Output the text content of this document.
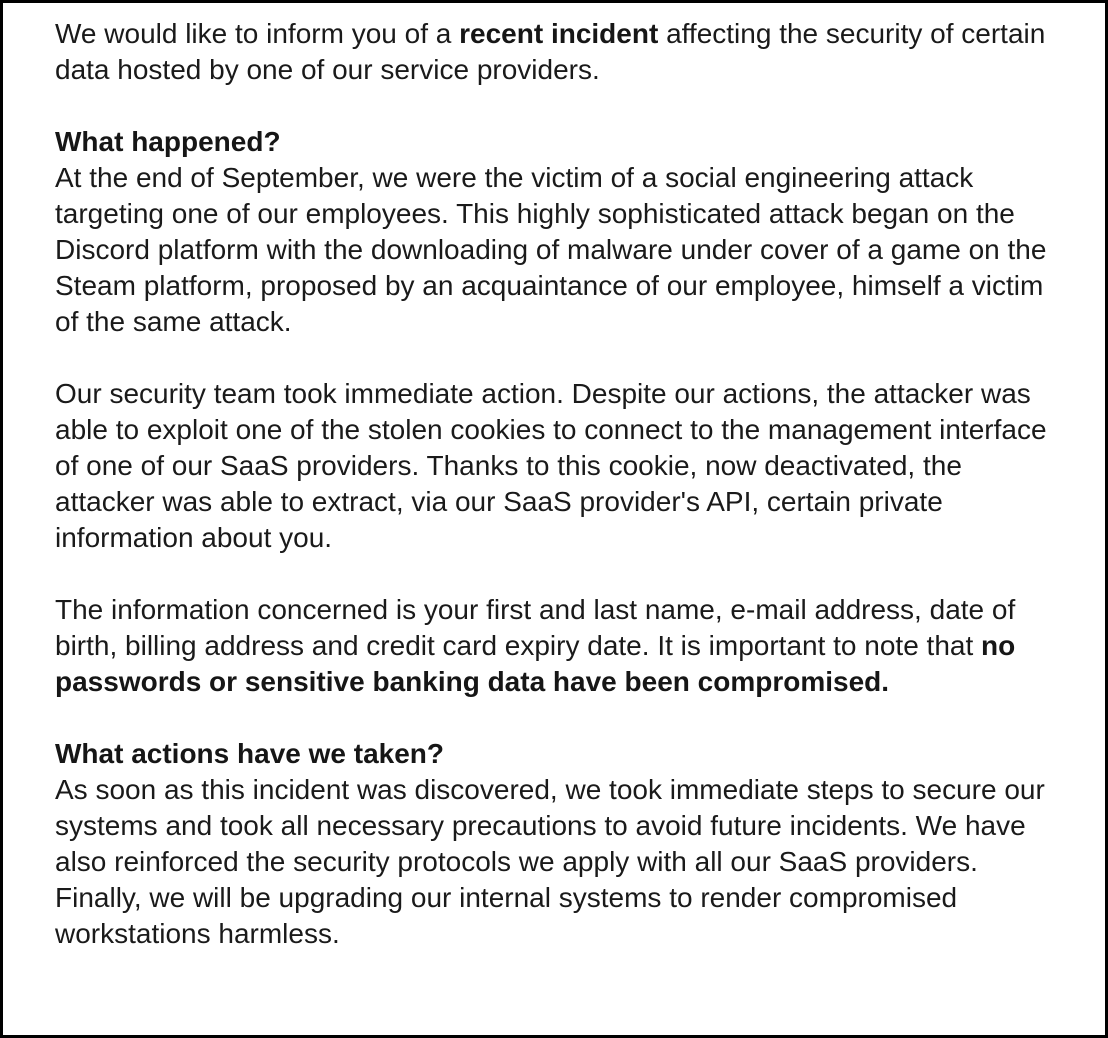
We would like to inform you of a recent incident affecting the security of certain data hosted by one of our service providers.

What happened?
At the end of September, we were the victim of a social engineering attack targeting one of our employees. This highly sophisticated attack began on the Discord platform with the downloading of malware under cover of a game on the Steam platform, proposed by an acquaintance of our employee, himself a victim of the same attack.

Our security team took immediate action. Despite our actions, the attacker was able to exploit one of the stolen cookies to connect to the management interface of one of our SaaS providers. Thanks to this cookie, now deactivated, the attacker was able to extract, via our SaaS provider's API, certain private information about you.

The information concerned is your first and last name, e-mail address, date of birth, billing address and credit card expiry date. It is important to note that no passwords or sensitive banking data have been compromised.

What actions have we taken?
As soon as this incident was discovered, we took immediate steps to secure our systems and took all necessary precautions to avoid future incidents. We have also reinforced the security protocols we apply with all our SaaS providers. Finally, we will be upgrading our internal systems to render compromised workstations harmless.
